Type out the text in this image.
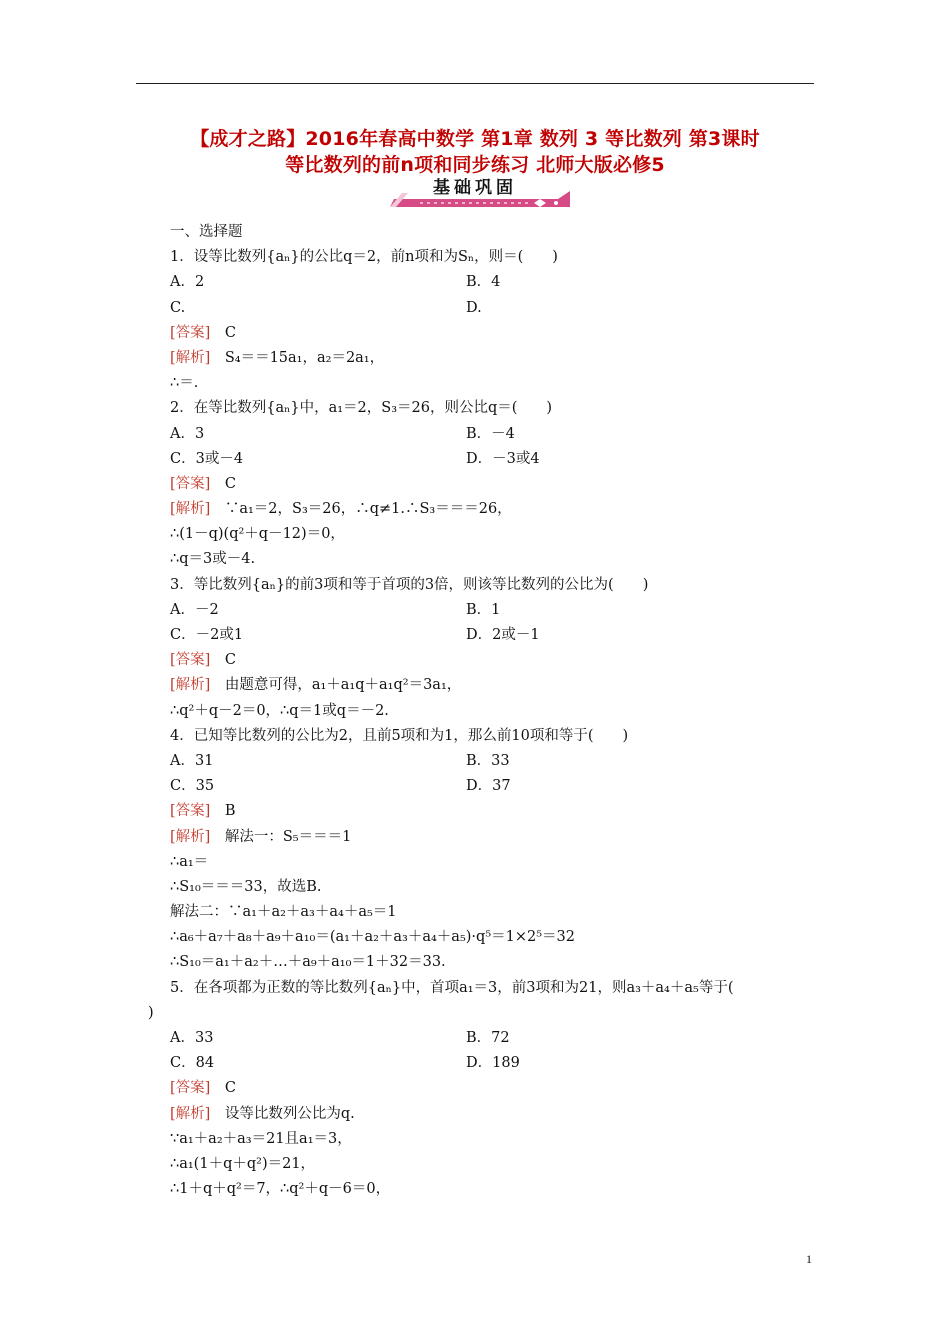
【成才之路】2016年春高中数学 第1章 数列 3 等比数列 第3课时
等比数列的前n项和同步练习 北师大版必修5
基础巩固
一、选择题
1．设等比数列{aₙ}的公比q＝2，前n项和为Sₙ，则＝(　　)
A．2	B．4
C.	D.
[答案]　C
[解析]　S₄＝＝15a₁，a₂＝2a₁，
∴＝.
2．在等比数列{aₙ}中，a₁＝2，S₃＝26，则公比q＝(　　)
A．3	B．－4
C．3或－4	D．－3或4
[答案]　C
[解析]　∵a₁＝2，S₃＝26，∴q≠1.∴S₃＝＝＝26，
∴(1－q)(q²＋q－12)＝0，
∴q＝3或－4.
3．等比数列{aₙ}的前3项和等于首项的3倍，则该等比数列的公比为(　　)
A．－2	B．1
C．－2或1	D．2或－1
[答案]　C
[解析]　由题意可得，a₁＋a₁q＋a₁q²＝3a₁，
∴q²＋q－2＝0，∴q＝1或q＝－2.
4．已知等比数列的公比为2，且前5项和为1，那么前10项和等于(　　)
A．31	B．33
C．35	D．37
[答案]　B
[解析]　解法一：S₅＝＝＝1
∴a₁＝
∴S₁₀＝＝＝33，故选B.
解法二：∵a₁＋a₂＋a₃＋a₄＋a₅＝1
∴a₆＋a₇＋a₈＋a₉＋a₁₀＝(a₁＋a₂＋a₃＋a₄＋a₅)·q⁵＝1×2⁵＝32
∴S₁₀＝a₁＋a₂＋…＋a₉＋a₁₀＝1＋32＝33.
5．在各项都为正数的等比数列{aₙ}中，首项a₁＝3，前3项和为21，则a₃＋a₄＋a₅等于(
)
A．33	B．72
C．84	D．189
[答案]　C
[解析]　设等比数列公比为q.
∵a₁＋a₂＋a₃＝21且a₁＝3，
∴a₁(1＋q＋q²)＝21，
∴1＋q＋q²＝7，∴q²＋q－6＝0，
1
